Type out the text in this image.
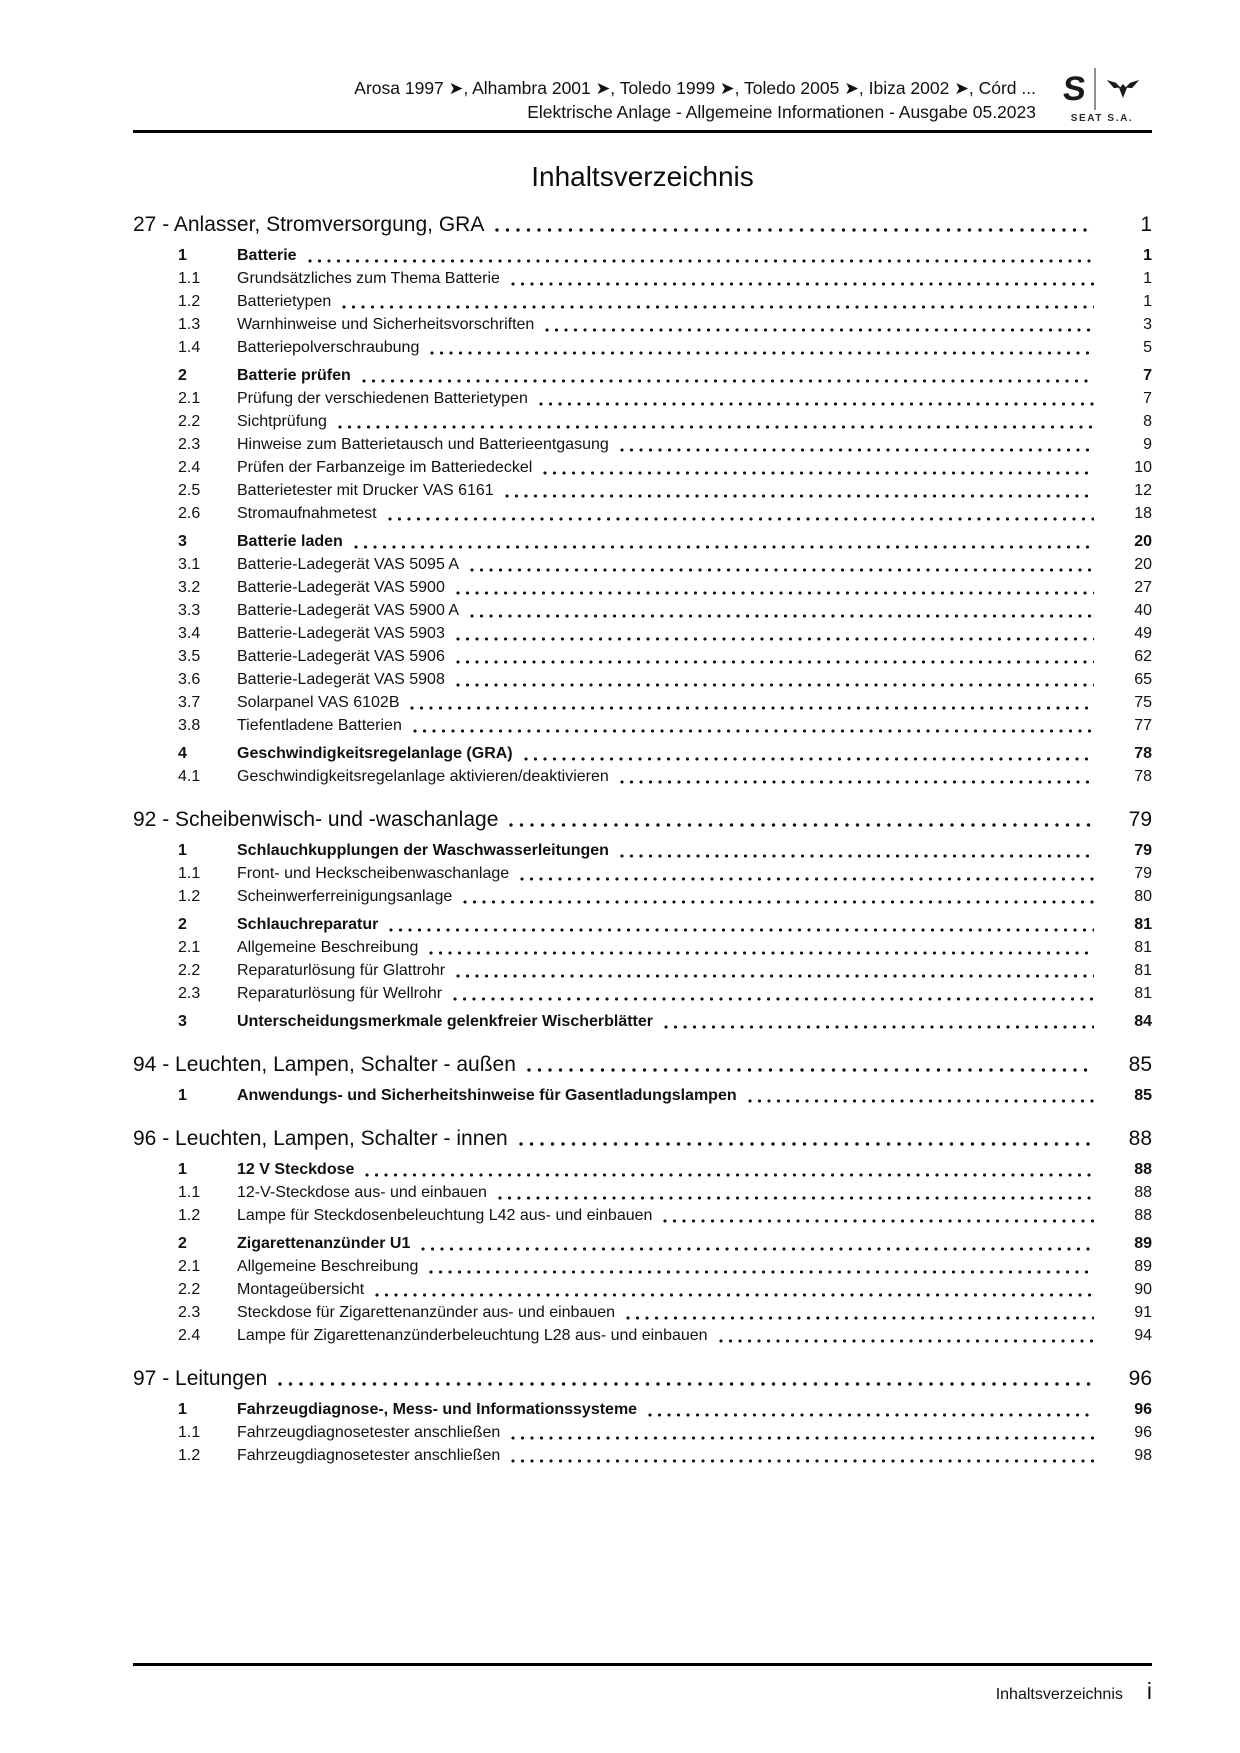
Arosa 1997 ➤, Alhambra 2001 ➤, Toledo 1999 ➤, Toledo 2005 ➤, Ibiza 2002 ➤, Córd ...
Elektrische Anlage - Allgemeine Informationen - Ausgabe 05.2023
S
SEAT S.A.
Inhaltsverzeichnis
27 - Anlasser, Stromversorgung, GRA	1
1	Batterie	1
1.1	Grundsätzliches zum Thema Batterie	1
1.2	Batterietypen	1
1.3	Warnhinweise und Sicherheitsvorschriften	3
1.4	Batteriepolverschraubung	5
2	Batterie prüfen	7
2.1	Prüfung der verschiedenen Batterietypen	7
2.2	Sichtprüfung	8
2.3	Hinweise zum Batterietausch und Batterieentgasung	9
2.4	Prüfen der Farbanzeige im Batteriedeckel	10
2.5	Batterietester mit Drucker VAS 6161	12
2.6	Stromaufnahmetest	18
3	Batterie laden	20
3.1	Batterie-Ladegerät VAS 5095 A	20
3.2	Batterie-Ladegerät VAS 5900	27
3.3	Batterie-Ladegerät VAS 5900 A	40
3.4	Batterie-Ladegerät VAS 5903	49
3.5	Batterie-Ladegerät VAS 5906	62
3.6	Batterie-Ladegerät VAS 5908	65
3.7	Solarpanel VAS 6102B	75
3.8	Tiefentladene Batterien	77
4	Geschwindigkeitsregelanlage (GRA)	78
4.1	Geschwindigkeitsregelanlage aktivieren/deaktivieren	78
92 - Scheibenwisch- und -waschanlage	79
1	Schlauchkupplungen der Waschwasserleitungen	79
1.1	Front- und Heckscheibenwaschanlage	79
1.2	Scheinwerferreinigungsanlage	80
2	Schlauchreparatur	81
2.1	Allgemeine Beschreibung	81
2.2	Reparaturlösung für Glattrohr	81
2.3	Reparaturlösung für Wellrohr	81
3	Unterscheidungsmerkmale gelenkfreier Wischerblätter	84
94 - Leuchten, Lampen, Schalter - außen	85
1	Anwendungs- und Sicherheitshinweise für Gasentladungslampen	85
96 - Leuchten, Lampen, Schalter - innen	88
1	12 V Steckdose	88
1.1	12-V-Steckdose aus- und einbauen	88
1.2	Lampe für Steckdosenbeleuchtung L42 aus- und einbauen	88
2	Zigarettenanzünder U1	89
2.1	Allgemeine Beschreibung	89
2.2	Montageübersicht	90
2.3	Steckdose für Zigarettenanzünder aus- und einbauen	91
2.4	Lampe für Zigarettenanzünderbeleuchtung L28 aus- und einbauen	94
97 - Leitungen	96
1	Fahrzeugdiagnose-, Mess- und Informationssysteme	96
1.1	Fahrzeugdiagnosetester anschließen	96
1.2	Fahrzeugdiagnosetester anschließen	98
Inhaltsverzeichnis i
